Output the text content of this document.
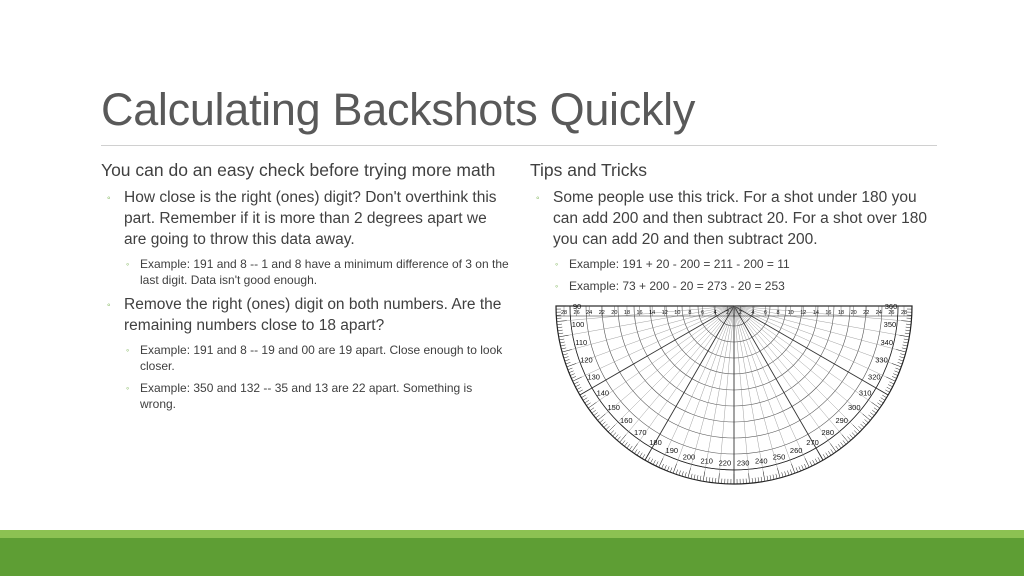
Calculating Backshots Quickly

You can do an easy check before trying more math

◦ How close is the right (ones) digit? Don't overthink this part. Remember if it is more than 2 degrees apart we are going to throw this data away.
◦ Example: 191 and 8 -- 1 and 8 have a minimum difference of 3 on the last digit. Data isn't good enough.
◦ Remove the right (ones) digit on both numbers. Are the remaining numbers close to 18 apart?
◦ Example: 191 and 8 -- 19 and 00 are 19 apart. Close enough to look closer.
◦ Example: 350 and 132 -- 35 and 13 are 22 apart. Something is wrong.

Tips and Tricks

◦ Some people use this trick. For a shot under 180 you can add 200 and then subtract 20. For a shot over 180 you can add 20 and then subtract 200.
◦ Example: 191 + 20 - 200 = 211 - 200 = 11
◦ Example: 73 + 200 - 20 = 273 - 20 = 253
90
100
110
120
130
140
150
160
170
180
190
200 210 220 230 240 250
260
270
280
290
300
310
320
330
340
350
360
28 26 24 22 20 18 16 14 12 10 8 6 4 2 2 4 6 8 10 12 14 16 18 20 22 24 26 28
